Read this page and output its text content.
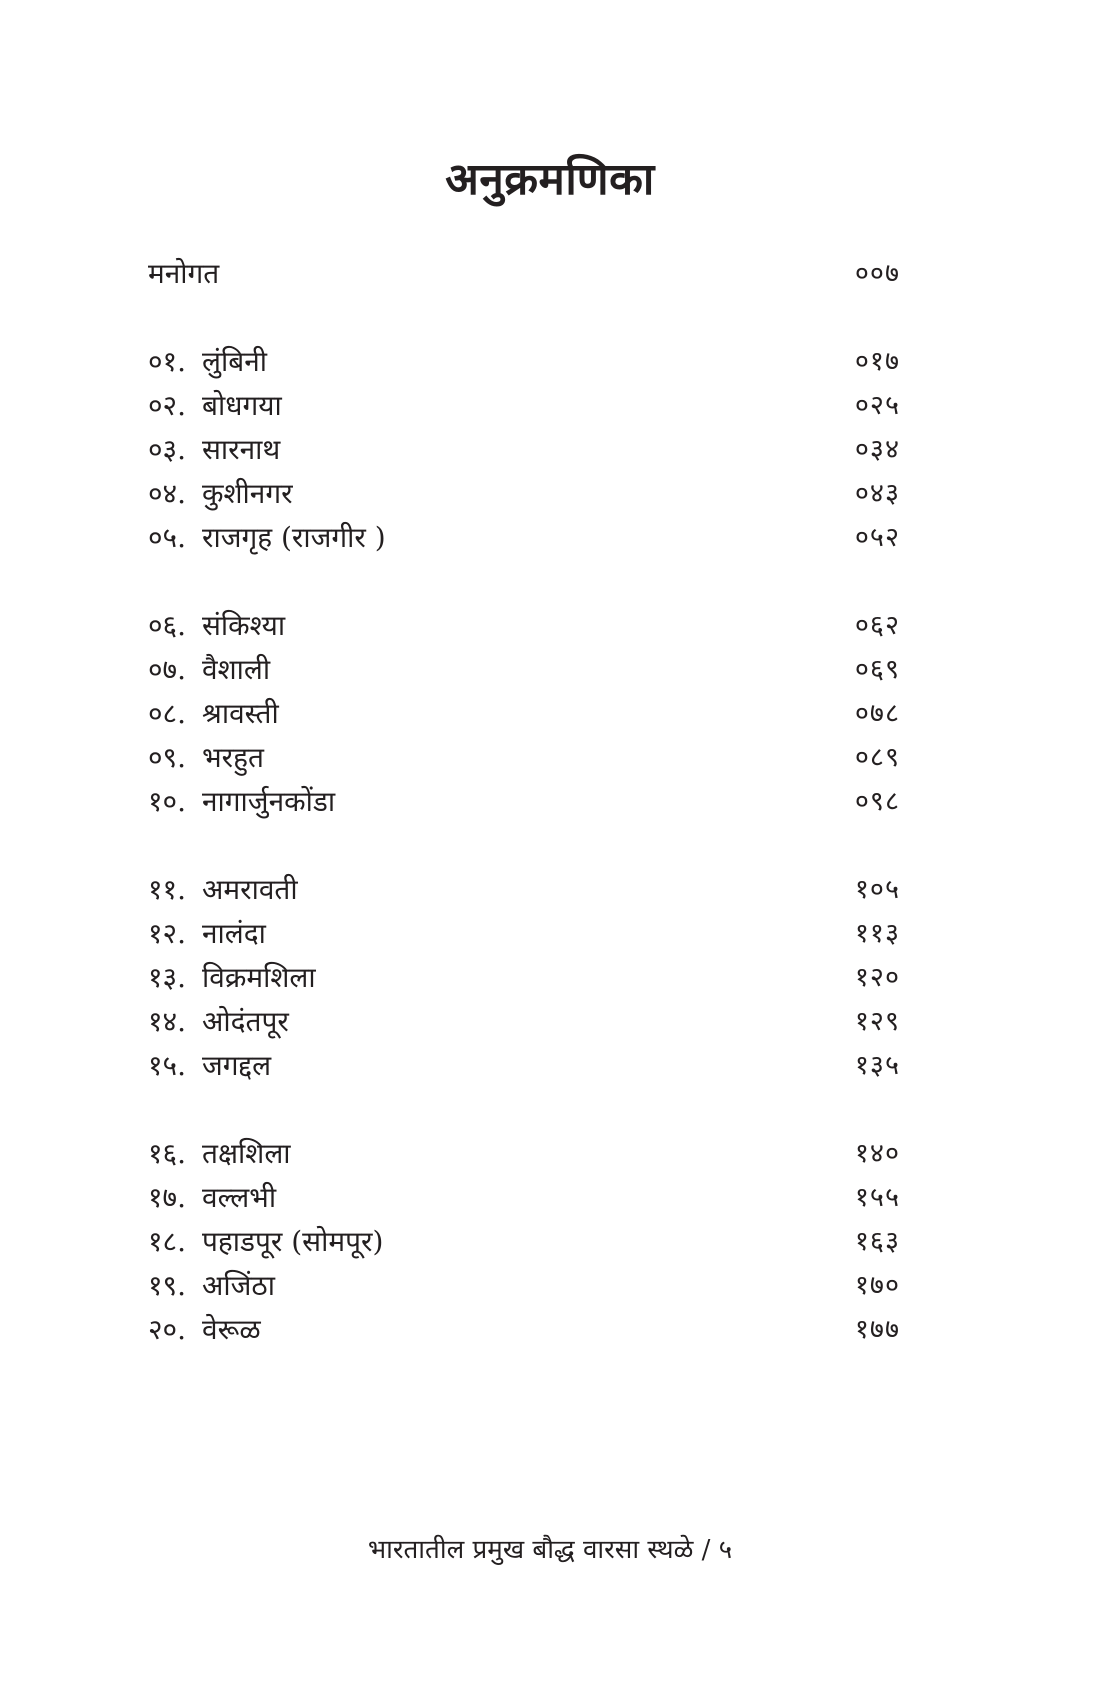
अनुक्रमणिका
मनोगत	००७
०१. लुंबिनी	०१७
०२. बोधगया	०२५
०३. सारनाथ	०३४
०४. कुशीनगर	०४३
०५. राजगृह (राजगीर )	०५२
०६. संकिश्या	०६२
०७. वैशाली	०६९
०८. श्रावस्ती	०७८
०९. भरहुत	०८९
१०. नागार्जुनकोंडा	०९८
११. अमरावती	१०५
१२. नालंदा	११३
१३. विक्रमशिला	१२०
१४. ओदंतपूर	१२९
१५. जगद्दल	१३५
१६. तक्षशिला	१४०
१७. वल्लभी	१५५
१८. पहाडपूर (सोमपूर)	१६३
१९. अजिंठा	१७०
२०. वेरूळ	१७७
भारतातील प्रमुख बौद्ध वारसा स्थळे / ५
